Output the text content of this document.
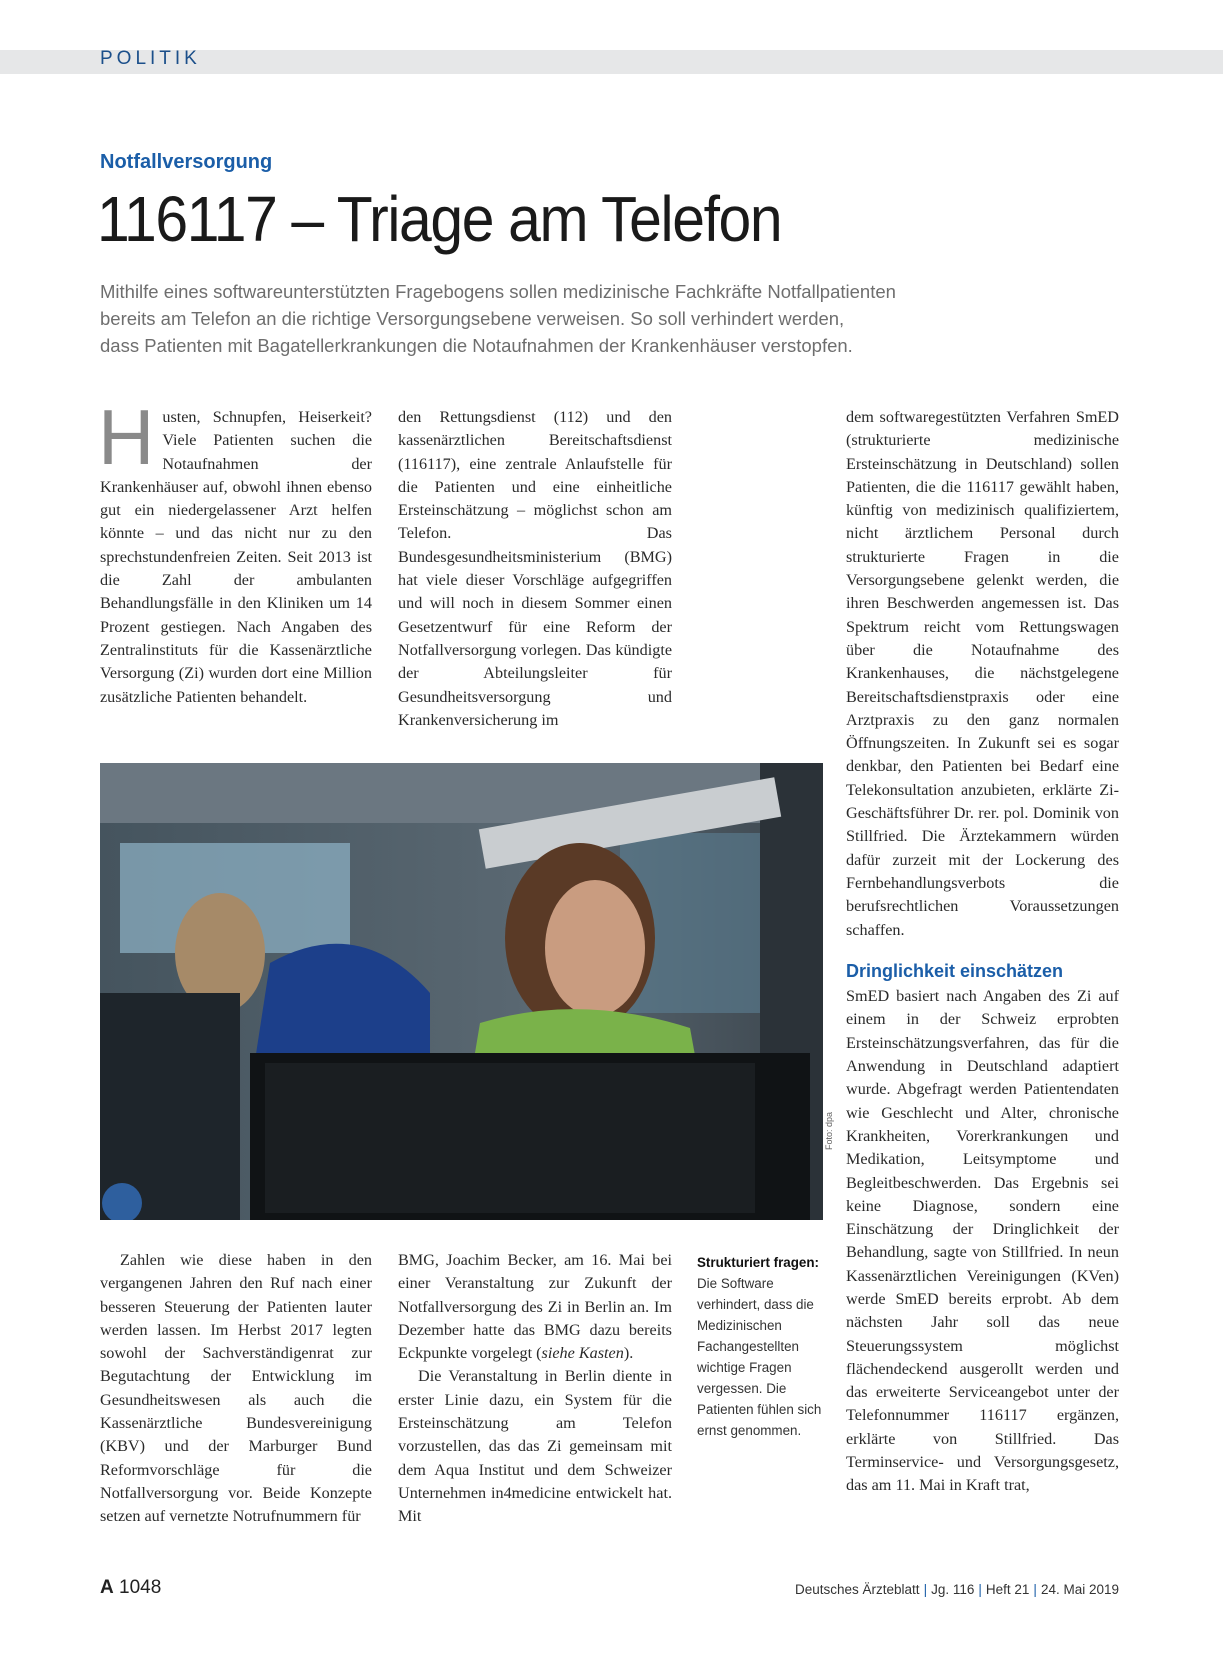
POLITIK
Notfallversorgung
116117 – Triage am Telefon

Mithilfe eines softwareunterstützten Fragebogens sollen medizinische Fachkräfte Notfallpatienten

bereits am Telefon an die richtige Versorgungsebene verweisen. So soll verhindert werden,

dass Patienten mit Bagatellerkrankungen die Notaufnahmen der Krankenhäuser verstopfen.

Husten, Schnupfen, Heiserkeit? Viele Patienten suchen die Notaufnahmen der Krankenhäuser auf, obwohl ihnen ebenso gut ein niedergelassener Arzt helfen könnte – und das nicht nur zu den sprechstundenfreien Zeiten. Seit 2013 ist die Zahl der ambulanten Behandlungsfälle in den Kliniken um 14 Prozent gestiegen. Nach Angaben des Zentralinstituts für die Kassenärztliche Versorgung (Zi) wurden dort eine Million zusätzliche Patienten behandelt.

den Rettungsdienst (112) und den kassenärztlichen Bereitschaftsdienst (116117), eine zentrale Anlaufstelle für die Patienten und eine einheitliche Ersteinschätzung – möglichst schon am Telefon. Das Bundesgesundheitsministerium (BMG) hat viele dieser Vorschläge aufgegriffen und will noch in diesem Sommer einen Gesetzentwurf für eine Reform der Notfallversorgung vorlegen. Das kündigte der Abteilungsleiter für Gesundheitsversorgung und Krankenversicherung im

dem softwaregestützten Verfahren SmED (strukturierte medizinische Ersteinschätzung in Deutschland) sollen Patienten, die die 116117 gewählt haben, künftig von medizinisch qualifiziertem, nicht ärztlichem Personal durch strukturierte Fragen in die Versorgungsebene gelenkt werden, die ihren Beschwerden angemessen ist. Das Spektrum reicht vom Rettungswagen über die Notaufnahme des Krankenhauses, die nächstgelegene Bereitschaftsdienstpraxis oder eine Arztpraxis zu den ganz normalen Öffnungszeiten. In Zukunft sei es sogar denkbar, den Patienten bei Bedarf eine Telekonsultation anzubieten, erklärte Zi-Geschäftsführer Dr. rer. pol. Dominik von Stillfried. Die Ärztekammern würden dafür zurzeit mit der Lockerung des Fernbehandlungsverbots die berufsrechtlichen Voraussetzungen schaffen.

Dringlichkeit einschätzen

SmED basiert nach Angaben des Zi auf einem in der Schweiz erprobten Ersteinschätzungsverfahren, das für die Anwendung in Deutschland adaptiert wurde. Abgefragt werden Patientendaten wie Geschlecht und Alter, chronische Krankheiten, Vorerkrankungen und Medikation, Leitsymptome und Begleitbeschwerden. Das Ergebnis sei keine Diagnose, sondern eine Einschätzung der Dringlichkeit der Behandlung, sagte von Stillfried. In neun Kassenärztlichen Vereinigungen (KVen) werde SmED bereits erprobt. Ab dem nächsten Jahr soll das neue Steuerungssystem möglichst flächendeckend ausgerollt werden und das erweiterte Serviceangebot unter der Telefonnummer 116117 ergänzen, erklärte von Stillfried. Das Terminservice- und Versorgungsgesetz, das am 11. Mai in Kraft trat,

Foto: dpa

Zahlen wie diese haben in den vergangenen Jahren den Ruf nach einer besseren Steuerung der Patienten lauter werden lassen. Im Herbst 2017 legten sowohl der Sachverständigenrat zur Begutachtung der Entwicklung im Gesundheitswesen als auch die Kassenärztliche Bundesvereinigung (KBV) und der Marburger Bund Reformvorschläge für die Notfallversorgung vor. Beide Konzepte setzen auf vernetzte Notrufnummern für

BMG, Joachim Becker, am 16. Mai bei einer Veranstaltung zur Zukunft der Notfallversorgung des Zi in Berlin an. Im Dezember hatte das BMG dazu bereits Eckpunkte vorgelegt (siehe Kasten).

Die Veranstaltung in Berlin diente in erster Linie dazu, ein System für die Ersteinschätzung am Telefon vorzustellen, das das Zi gemeinsam mit dem Aqua Institut und dem Schweizer Unternehmen in4medicine entwickelt hat. Mit

Strukturiert fragen:
Die Software verhindert, dass die Medizinischen Fachangestellten wichtige Fragen vergessen. Die Patienten fühlen sich ernst genommen.
A 1048	Deutsches Ärzteblatt | Jg. 116 | Heft 21 | 24. Mai 2019
